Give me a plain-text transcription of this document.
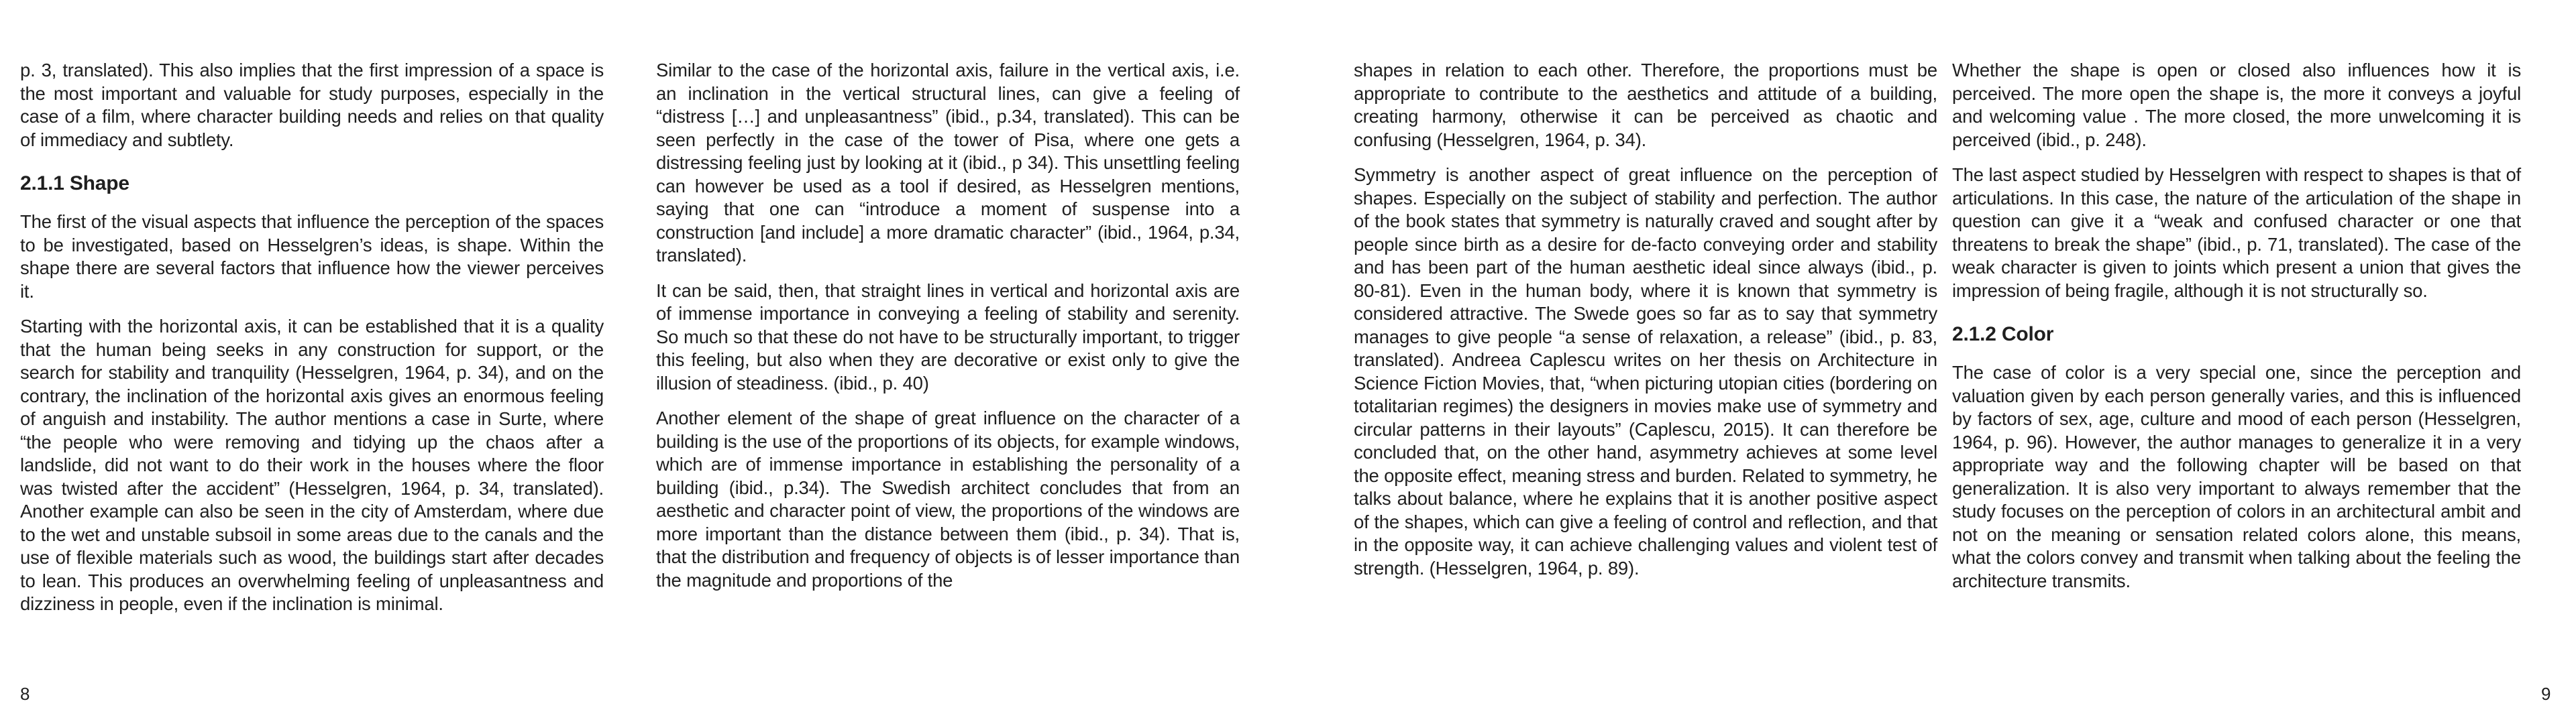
p. 3, translated). This also implies that the first impression of a space is the most important and valuable for study purposes, especially in the case of a film, where character building needs and relies on that quality of immediacy and subtlety.

2.1.1 Shape

The first of the visual aspects that influence the perception of the spaces to be investigated, based on Hesselgren’s ideas, is shape. Within the shape there are several factors that influence how the viewer perceives it.

Starting with the horizontal axis, it can be established that it is a quality that the human being seeks in any construction for support, or the search for stability and tranquility (Hesselgren, 1964, p. 34), and on the contrary, the inclination of the horizontal axis gives an enormous feeling of anguish and instability. The author mentions a case in Surte, where “the people who were removing and tidying up the chaos after a landslide, did not want to do their work in the houses where the floor was twisted after the accident” (Hesselgren, 1964, p. 34, translated). Another example can also be seen in the city of Amsterdam, where due to the wet and unstable subsoil in some areas due to the canals and the use of flexible materials such as wood, the buildings start after decades to lean. This produces an overwhelming feeling of unpleasantness and dizziness in people, even if the inclination is minimal.

Similar to the case of the horizontal axis, failure in the vertical axis, i.e. an inclination in the vertical structural lines, can give a feeling of “distress […] and unpleasantness” (ibid., p.34, translated). This can be seen perfectly in the case of the tower of Pisa, where one gets a distressing feeling just by looking at it (ibid., p 34). This unsettling feeling can however be used as a tool if desired, as Hesselgren mentions, saying that one can “introduce a moment of suspense into a construction [and include] a more dramatic character” (ibid., 1964, p.34, translated).

It can be said, then, that straight lines in vertical and horizontal axis are of immense importance in conveying a feeling of stability and serenity. So much so that these do not have to be structurally important, to trigger this feeling, but also when they are decorative or exist only to give the illusion of steadiness. (ibid., p. 40)

Another element of the shape of great influence on the character of a building is the use of the proportions of its objects, for example windows, which are of immense importance in establishing the personality of a building (ibid., p.34). The Swedish architect concludes that from an aesthetic and character point of view, the proportions of the windows are more important than the distance between them (ibid., p. 34). That is, that the distribution and frequency of objects is of lesser importance than the magnitude and proportions of the

shapes in relation to each other. Therefore, the proportions must be appropriate to contribute to the aesthetics and attitude of a building, creating harmony, otherwise it can be perceived as chaotic and confusing (Hesselgren, 1964, p. 34).

Symmetry is another aspect of great influence on the perception of shapes. Especially on the subject of stability and perfection. The author of the book states that symmetry is naturally craved and sought after by people since birth as a desire for de-facto conveying order and stability and has been part of the human aesthetic ideal since always (ibid., p. 80-81). Even in the human body, where it is known that symmetry is considered attractive. The Swede goes so far as to say that symmetry manages to give people “a sense of relaxation, a release” (ibid., p. 83, translated). Andreea Caplescu writes on her thesis on Architecture in Science Fiction Movies, that, “when picturing utopian cities (bordering on totalitarian regimes) the designers in movies make use of symmetry and circular patterns in their layouts” (Caplescu, 2015). It can therefore be concluded that, on the other hand, asymmetry achieves at some level the opposite effect, meaning stress and burden. Related to symmetry, he talks about balance, where he explains that it is another positive aspect of the shapes, which can give a feeling of control and reflection, and that in the opposite way, it can achieve challenging values and violent test of strength. (Hesselgren, 1964, p. 89).

Whether the shape is open or closed also influences how it is perceived. The more open the shape is, the more it conveys a joyful and welcoming value . The more closed, the more unwelcoming it is perceived (ibid., p. 248).

The last aspect studied by Hesselgren with respect to shapes is that of articulations. In this case, the nature of the articulation of the shape in question can give it a “weak and confused character or one that threatens to break the shape” (ibid., p. 71, translated). The case of the weak character is given to joints which present a union that gives the impression of being fragile, although it is not structurally so.

2.1.2 Color

The case of color is a very special one, since the perception and valuation given by each person generally varies, and this is influenced by factors of sex, age, culture and mood of each person (Hesselgren, 1964, p. 96). However, the author manages to generalize it in a very appropriate way and the following chapter will be based on that generalization. It is also very important to always remember that the study focuses on the perception of colors in an architectural ambit and not on the meaning or sensation related colors alone, this means, what the colors convey and transmit when talking about the feeling the architecture transmits.

8	9
